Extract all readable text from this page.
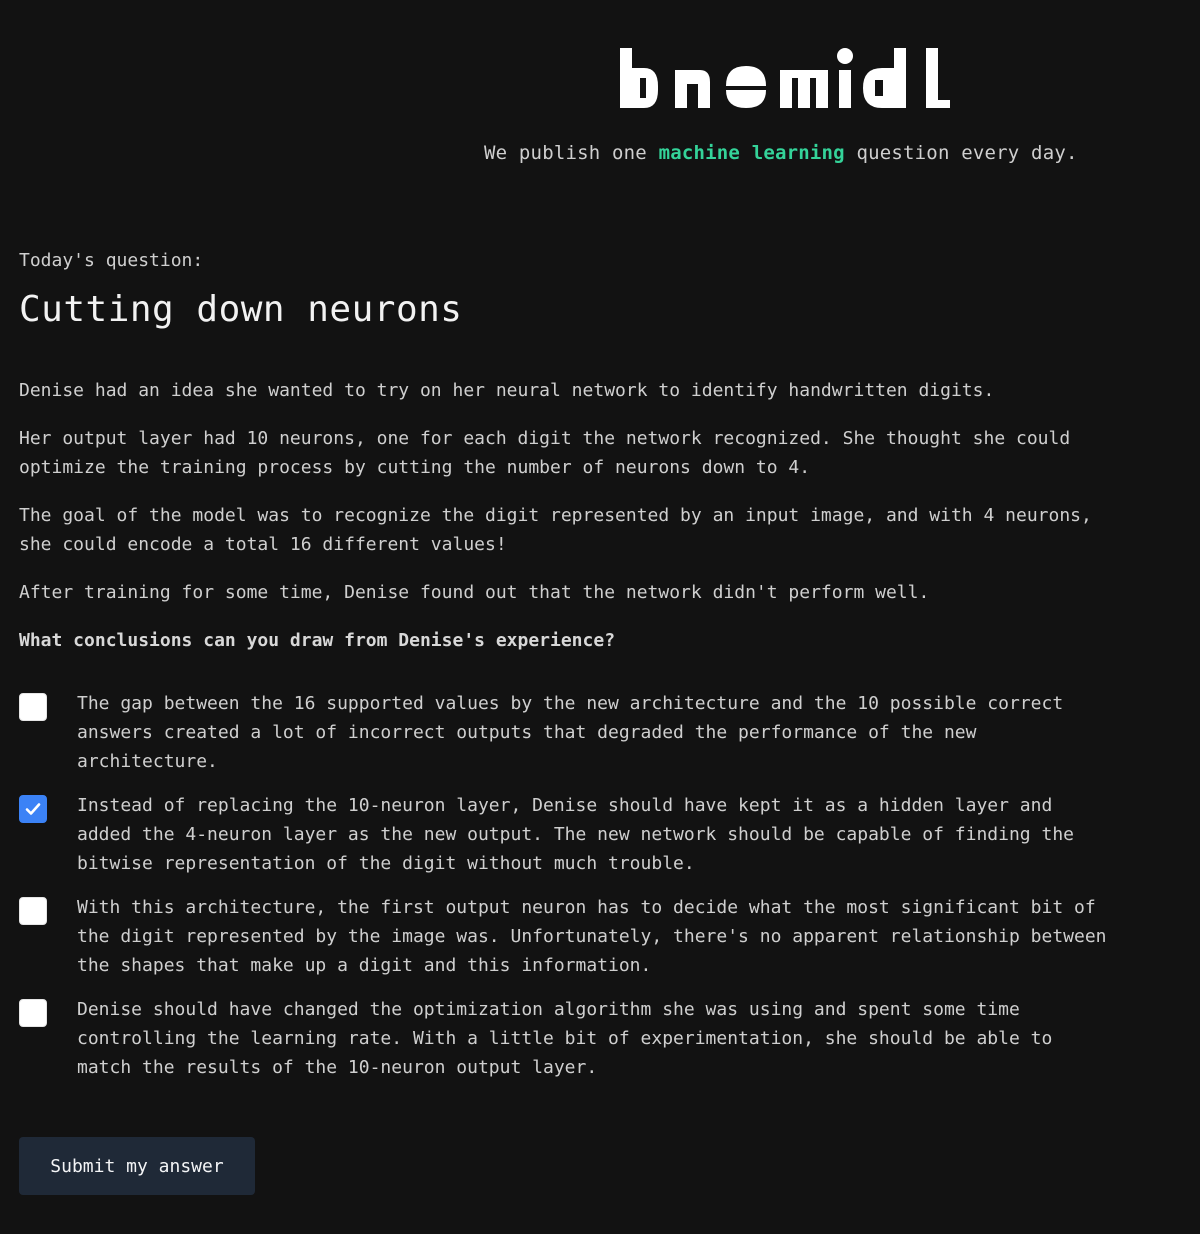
We publish one machine learning question every day.

Today's question:

Cutting down neurons

Denise had an idea she wanted to try on her neural network to identify handwritten digits.

Her output layer had 10 neurons, one for each digit the network recognized. She thought she could optimize the training process by cutting the number of neurons down to 4.

The goal of the model was to recognize the digit represented by an input image, and with 4 neurons, she could encode a total 16 different values!

After training for some time, Denise found out that the network didn't perform well.

What conclusions can you draw from Denise's experience?

The gap between the 16 supported values by the new architecture and the 10 possible correct answers created a lot of incorrect outputs that degraded the performance of the new architecture.
Instead of replacing the 10-neuron layer, Denise should have kept it as a hidden layer and added the 4-neuron layer as the new output. The new network should be capable of finding the bitwise representation of the digit without much trouble.
With this architecture, the first output neuron has to decide what the most significant bit of the digit represented by the image was. Unfortunately, there's no apparent relationship between the shapes that make up a digit and this information.
Denise should have changed the optimization algorithm she was using and spent some time controlling the learning rate. With a little bit of experimentation, she should be able to match the results of the 10-neuron output layer.
Submit my answer
